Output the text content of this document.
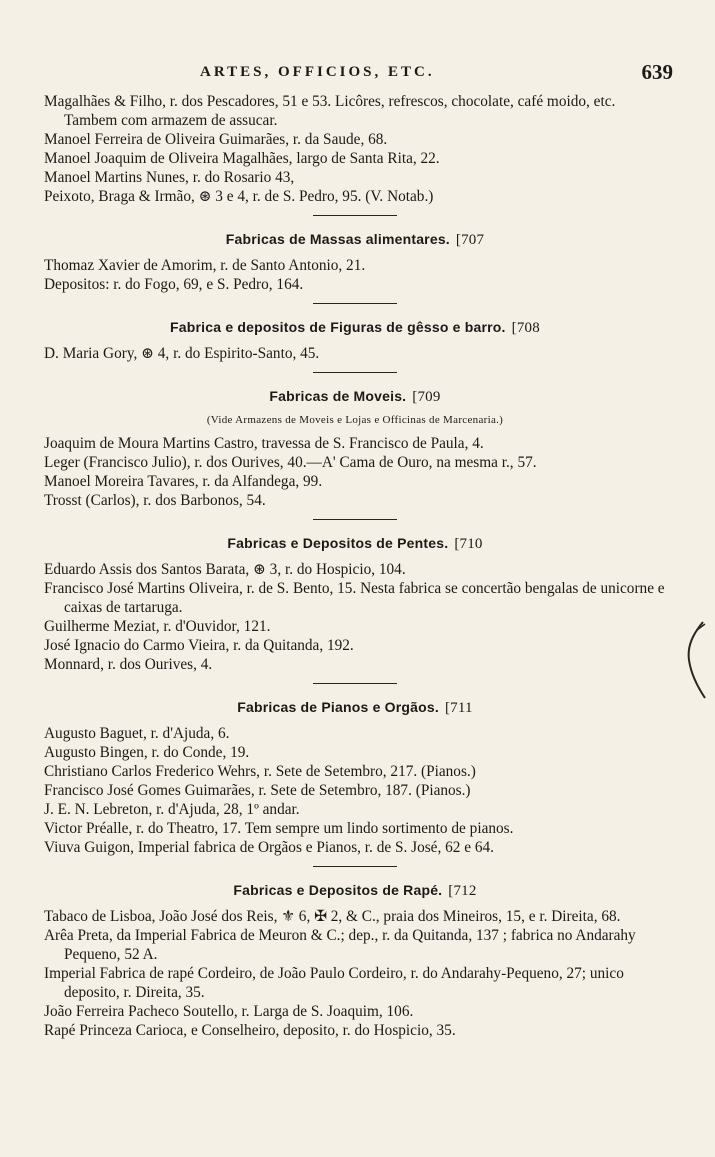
ARTES, OFFICIOS, ETC.	639

Magalhães & Filho, r. dos Pescadores, 51 e 53. Licôres, refrescos, chocolate, café moido, etc. Tambem com armazem de assucar.

Manoel Ferreira de Oliveira Guimarães, r. da Saude, 68.

Manoel Joaquim de Oliveira Magalhães, largo de Santa Rita, 22.

Manoel Martins Nunes, r. do Rosario 43,

Peixoto, Braga & Irmão, ⊛ 3 e 4, r. de S. Pedro, 95. (V. Notab.)

Fabricas de Massas alimentares. [707

Thomaz Xavier de Amorim, r. de Santo Antonio, 21.

Depositos: r. do Fogo, 69, e S. Pedro, 164.

Fabrica e depositos de Figuras de gêsso e barro. [708

D. Maria Gory, ⊛ 4, r. do Espirito-Santo, 45.

Fabricas de Moveis. [709

(Vide Armazens de Moveis e Lojas e Officinas de Marcenaria.)

Joaquim de Moura Martins Castro, travessa de S. Francisco de Paula, 4.

Leger (Francisco Julio), r. dos Ourives, 40.—A' Cama de Ouro, na mesma r., 57.

Manoel Moreira Tavares, r. da Alfandega, 99.

Trosst (Carlos), r. dos Barbonos, 54.

Fabricas e Depositos de Pentes. [710

Eduardo Assis dos Santos Barata, ⊛ 3, r. do Hospicio, 104.

Francisco José Martins Oliveira, r. de S. Bento, 15. Nesta fabrica se concertão bengalas de unicorne e caixas de tartaruga.

Guilherme Meziat, r. d'Ouvidor, 121.

José Ignacio do Carmo Vieira, r. da Quitanda, 192.

Monnard, r. dos Ourives, 4.

Fabricas de Pianos e Orgãos. [711

Augusto Baguet, r. d'Ajuda, 6.

Augusto Bingen, r. do Conde, 19.

Christiano Carlos Frederico Wehrs, r. Sete de Setembro, 217. (Pianos.)

Francisco José Gomes Guimarães, r. Sete de Setembro, 187. (Pianos.)

J. E. N. Lebreton, r. d'Ajuda, 28, 1º andar.

Victor Préalle, r. do Theatro, 17. Tem sempre um lindo sortimento de pianos.

Viuva Guigon, Imperial fabrica de Orgãos e Pianos, r. de S. José, 62 e 64.

Fabricas e Depositos de Rapé. [712

Tabaco de Lisboa, João José dos Reis, ⚜ 6, ✠ 2, & C., praia dos Mineiros, 15, e r. Direita, 68.

Arêa Preta, da Imperial Fabrica de Meuron & C.; dep., r. da Quitanda, 137 ; fabrica no Andarahy Pequeno, 52 A.

Imperial Fabrica de rapé Cordeiro, de João Paulo Cordeiro, r. do Andarahy-Pequeno, 27; unico deposito, r. Direita, 35.

João Ferreira Pacheco Soutello, r. Larga de S. Joaquim, 106.

Rapé Princeza Carioca, e Conselheiro, deposito, r. do Hospicio, 35.
